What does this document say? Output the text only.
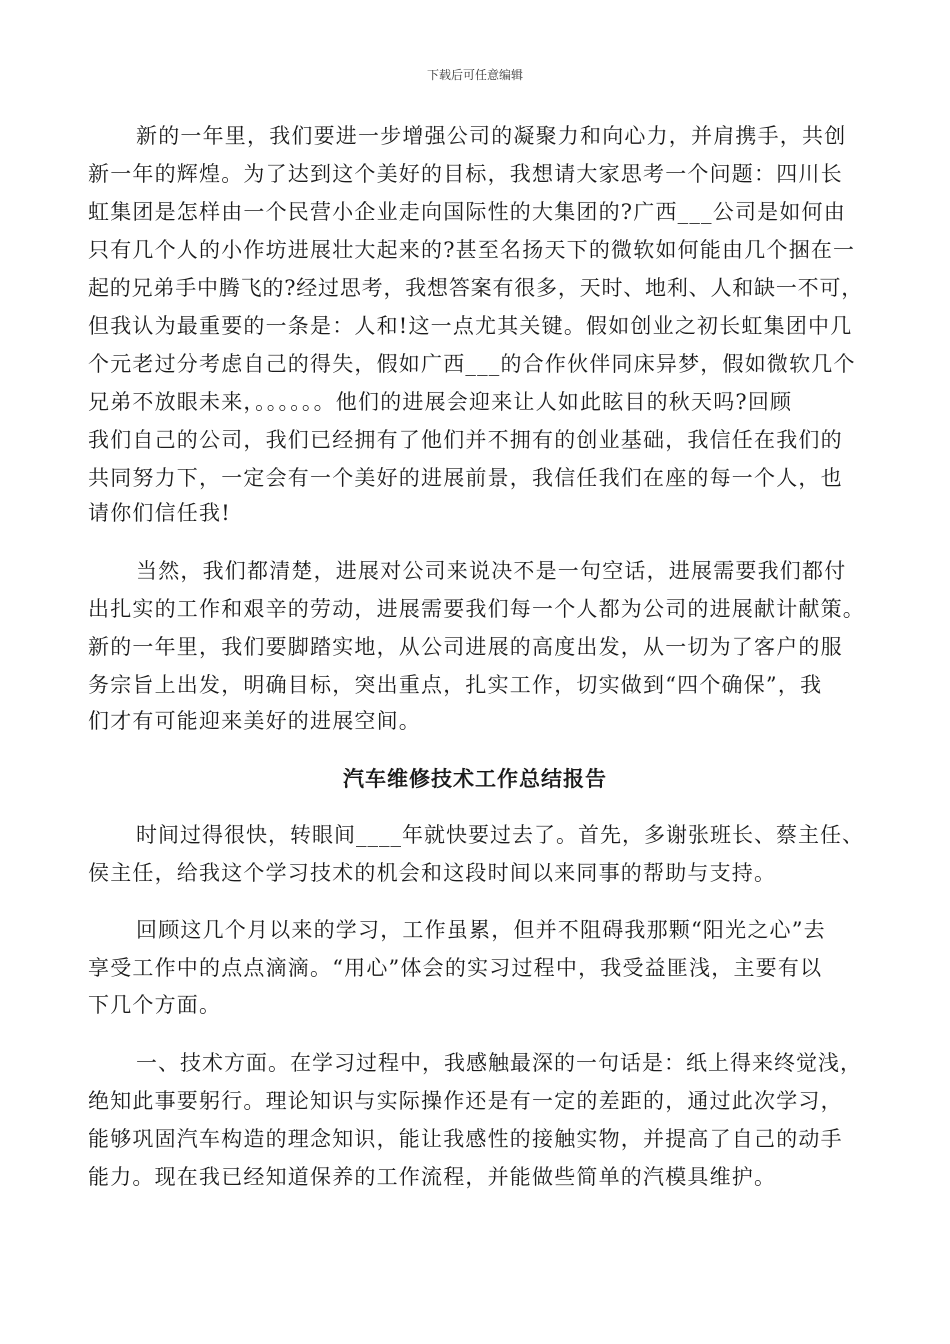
下载后可任意编辑
新的一年里，我们要进一步增强公司的凝聚力和向心力，并肩携手，共创
新一年的辉煌。为了达到这个美好的目标，我想请大家思考一个问题：四川长
虹集团是怎样由一个民营小企业走向国际性的大集团的?广西___公司是如何由
只有几个人的小作坊进展壮大起来的?甚至名扬天下的微软如何能由几个捆在一
起的兄弟手中腾飞的?经过思考，我想答案有很多，天时、地利、人和缺一不可，
但我认为最重要的一条是：人和!这一点尤其关键。假如创业之初长虹集团中几
个元老过分考虑自己的得失，假如广西___的合作伙伴同床异梦，假如微软几个
兄弟不放眼未来，。。。。。。他们的进展会迎来让人如此眩目的秋天吗?回顾
我们自己的公司，我们已经拥有了他们并不拥有的创业基础，我信任在我们的
共同努力下，一定会有一个美好的进展前景，我信任我们在座的每一个人，也
请你们信任我!
当然，我们都清楚，进展对公司来说决不是一句空话，进展需要我们都付
出扎实的工作和艰辛的劳动，进展需要我们每一个人都为公司的进展献计献策。
新的一年里，我们要脚踏实地，从公司进展的高度出发，从一切为了客户的服
务宗旨上出发，明确目标，突出重点，扎实工作，切实做到“四个确保”，我
们才有可能迎来美好的进展空间。
汽车维修技术工作总结报告
时间过得很快，转眼间____年就快要过去了。首先，多谢张班长、蔡主任、
侯主任，给我这个学习技术的机会和这段时间以来同事的帮助与支持。
回顾这几个月以来的学习，工作虽累，但并不阻碍我那颗“阳光之心”去
享受工作中的点点滴滴。“用心”体会的实习过程中，我受益匪浅，主要有以
下几个方面。
一、技术方面。在学习过程中，我感触最深的一句话是：纸上得来终觉浅，
绝知此事要躬行。理论知识与实际操作还是有一定的差距的，通过此次学习，
能够巩固汽车构造的理念知识，能让我感性的接触实物，并提高了自己的动手
能力。现在我已经知道保养的工作流程，并能做些简单的汽模具维护。
